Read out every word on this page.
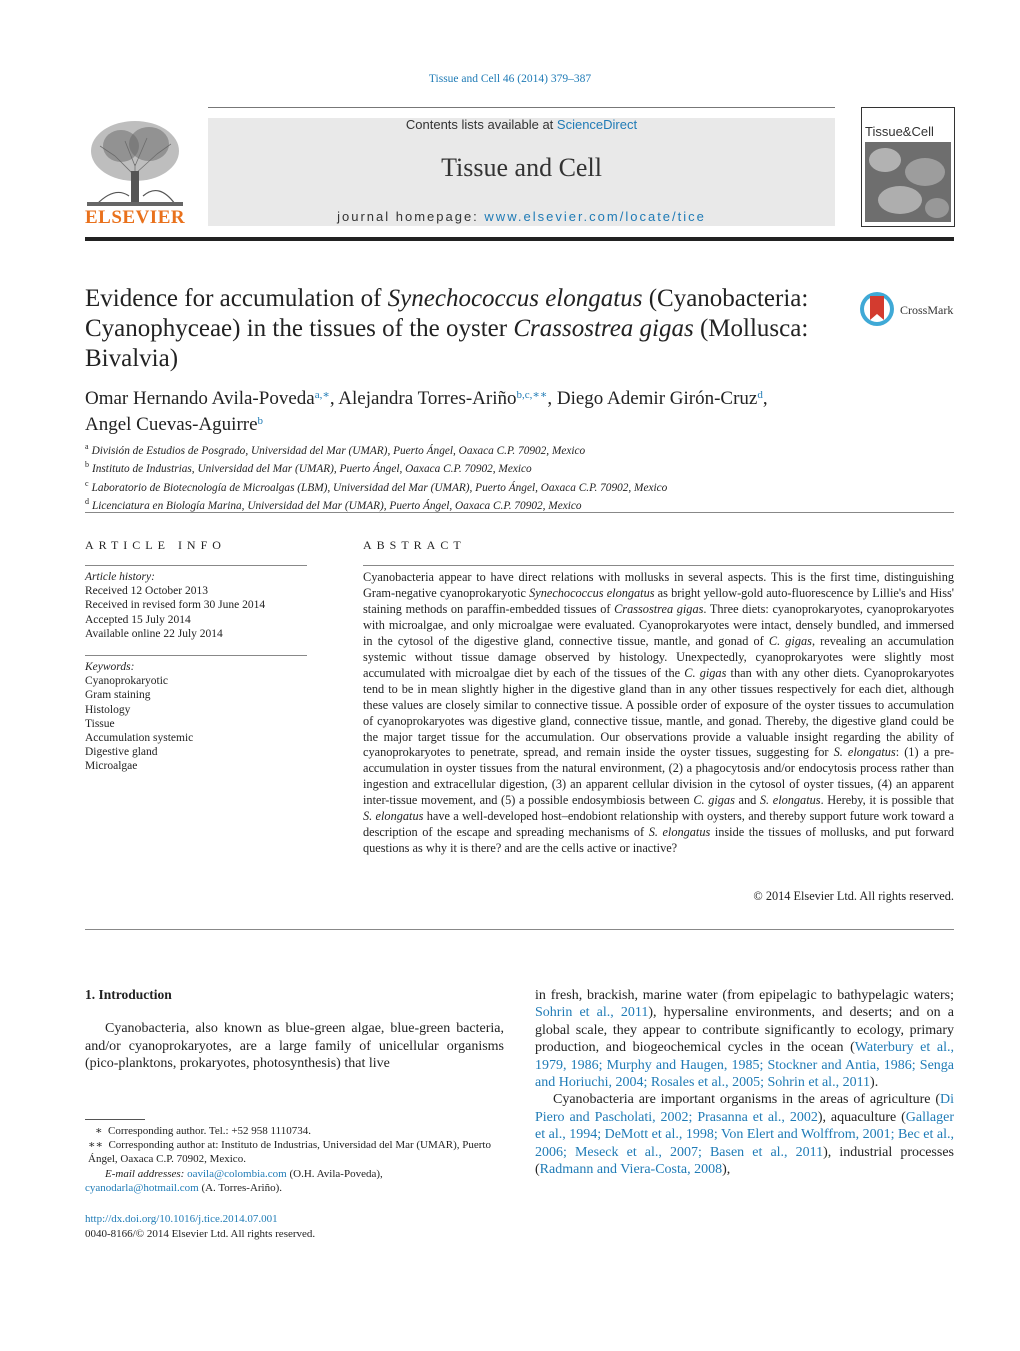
Tissue and Cell 46 (2014) 379–387
ELSEVIER
Contents lists available at ScienceDirect
Tissue and Cell
journal homepage: www.elsevier.com/locate/tice
Tissue&Cell
Evidence for accumulation of Synechococcus elongatus (Cyanobacteria: Cyanophyceae) in the tissues of the oyster Crassostrea gigas (Mollusca: Bivalvia)
CrossMark
Omar Hernando Avila-Poveda$^{a,∗}$, Alejandra Torres-Ariño$^{b,c,∗∗}$, Diego Ademir Girón-Cruz$^d$,
Angel Cuevas-Aguirre$^b$
$^a$ División de Estudios de Posgrado, Universidad del Mar (UMAR), Puerto Ángel, Oaxaca C.P. 70902, Mexico
$^b$ Instituto de Industrias, Universidad del Mar (UMAR), Puerto Ángel, Oaxaca C.P. 70902, Mexico
$^c$ Laboratorio de Biotecnología de Microalgas (LBM), Universidad del Mar (UMAR), Puerto Ángel, Oaxaca C.P. 70902, Mexico
$^d$ Licenciatura en Biología Marina, Universidad del Mar (UMAR), Puerto Ángel, Oaxaca C.P. 70902, Mexico
ARTICLE INFO
Article history:
Received 12 October 2013
Received in revised form 30 June 2014
Accepted 15 July 2014
Available online 22 July 2014
Keywords:
Cyanoprokaryotic
Gram staining
Histology
Tissue
Accumulation systemic
Digestive gland
Microalgae
ABSTRACT
Cyanobacteria appear to have direct relations with mollusks in several aspects. This is the first time, distinguishing Gram-negative cyanoprokaryotic Synechococcus elongatus as bright yellow-gold auto-fluorescence by Lillie's and Hiss' staining methods on paraffin-embedded tissues of Crassostrea gigas. Three diets: cyanoprokaryotes, cyanoprokaryotes with microalgae, and only microalgae were evaluated. Cyanoprokaryotes were intact, densely bundled, and immersed in the cytosol of the digestive gland, connective tissue, mantle, and gonad of C. gigas, revealing an accumulation systemic without tissue damage observed by histology. Unexpectedly, cyanoprokaryotes were slightly most accumulated with microalgae diet by each of the tissues of the C. gigas than with any other diets. Cyanoprokaryotes tend to be in mean slightly higher in the digestive gland than in any other tissues respectively for each diet, although these values are closely similar to connective tissue. A possible order of exposure of the oyster tissues to accumulation of cyanoprokaryotes was digestive gland, connective tissue, mantle, and gonad. Thereby, the digestive gland could be the major target tissue for the accumulation. Our observations provide a valuable insight regarding the ability of cyanoprokaryotes to penetrate, spread, and remain inside the oyster tissues, suggesting for S. elongatus: (1) a pre-accumulation in oyster tissues from the natural environment, (2) a phagocytosis and/or endocytosis process rather than ingestion and extracellular digestion, (3) an apparent cellular division in the cytosol of oyster tissues, (4) an apparent inter-tissue movement, and (5) a possible endosymbiosis between C. gigas and S. elongatus. Hereby, it is possible that S. elongatus have a well-developed host–endobiont relationship with oysters, and thereby support future work toward a description of the escape and spreading mechanisms of S. elongatus inside the tissues of mollusks, and put forward questions as why it is there? and are the cells active or inactive?
© 2014 Elsevier Ltd. All rights reserved.
1. Introduction
Cyanobacteria, also known as blue-green algae, blue-green bacteria, and/or cyanoprokaryotes, are a large family of unicellular organisms (pico-planktons, prokaryotes, photosynthesis) that live

in fresh, brackish, marine water (from epipelagic to bathypelagic waters; Sohrin et al., 2011), hypersaline environments, and deserts; and on a global scale, they appear to contribute significantly to ecology, primary production, and biogeochemical cycles in the ocean (Waterbury et al., 1979, 1986; Murphy and Haugen, 1985; Stockner and Antia, 1986; Senga and Horiuchi, 2004; Rosales et al., 2005; Sohrin et al., 2011).

Cyanobacteria are important organisms in the areas of agriculture (Di Piero and Pascholati, 2002; Prasanna et al., 2002), aquaculture (Gallager et al., 1994; DeMott et al., 1998; Von Elert and Wolffrom, 2001; Bec et al., 2006; Meseck et al., 2007; Basen et al., 2011), industrial processes (Radmann and Viera-Costa, 2008),

∗ Corresponding author. Tel.: +52 958 1110734.
∗∗ Corresponding author at: Instituto de Industrias, Universidad del Mar (UMAR), Puerto Ángel, Oaxaca C.P. 70902, Mexico.
E-mail addresses: oavila@colombia.com (O.H. Avila-Poveda),
cyanodarla@hotmail.com (A. Torres-Ariño).
http://dx.doi.org/10.1016/j.tice.2014.07.001
0040-8166/© 2014 Elsevier Ltd. All rights reserved.
